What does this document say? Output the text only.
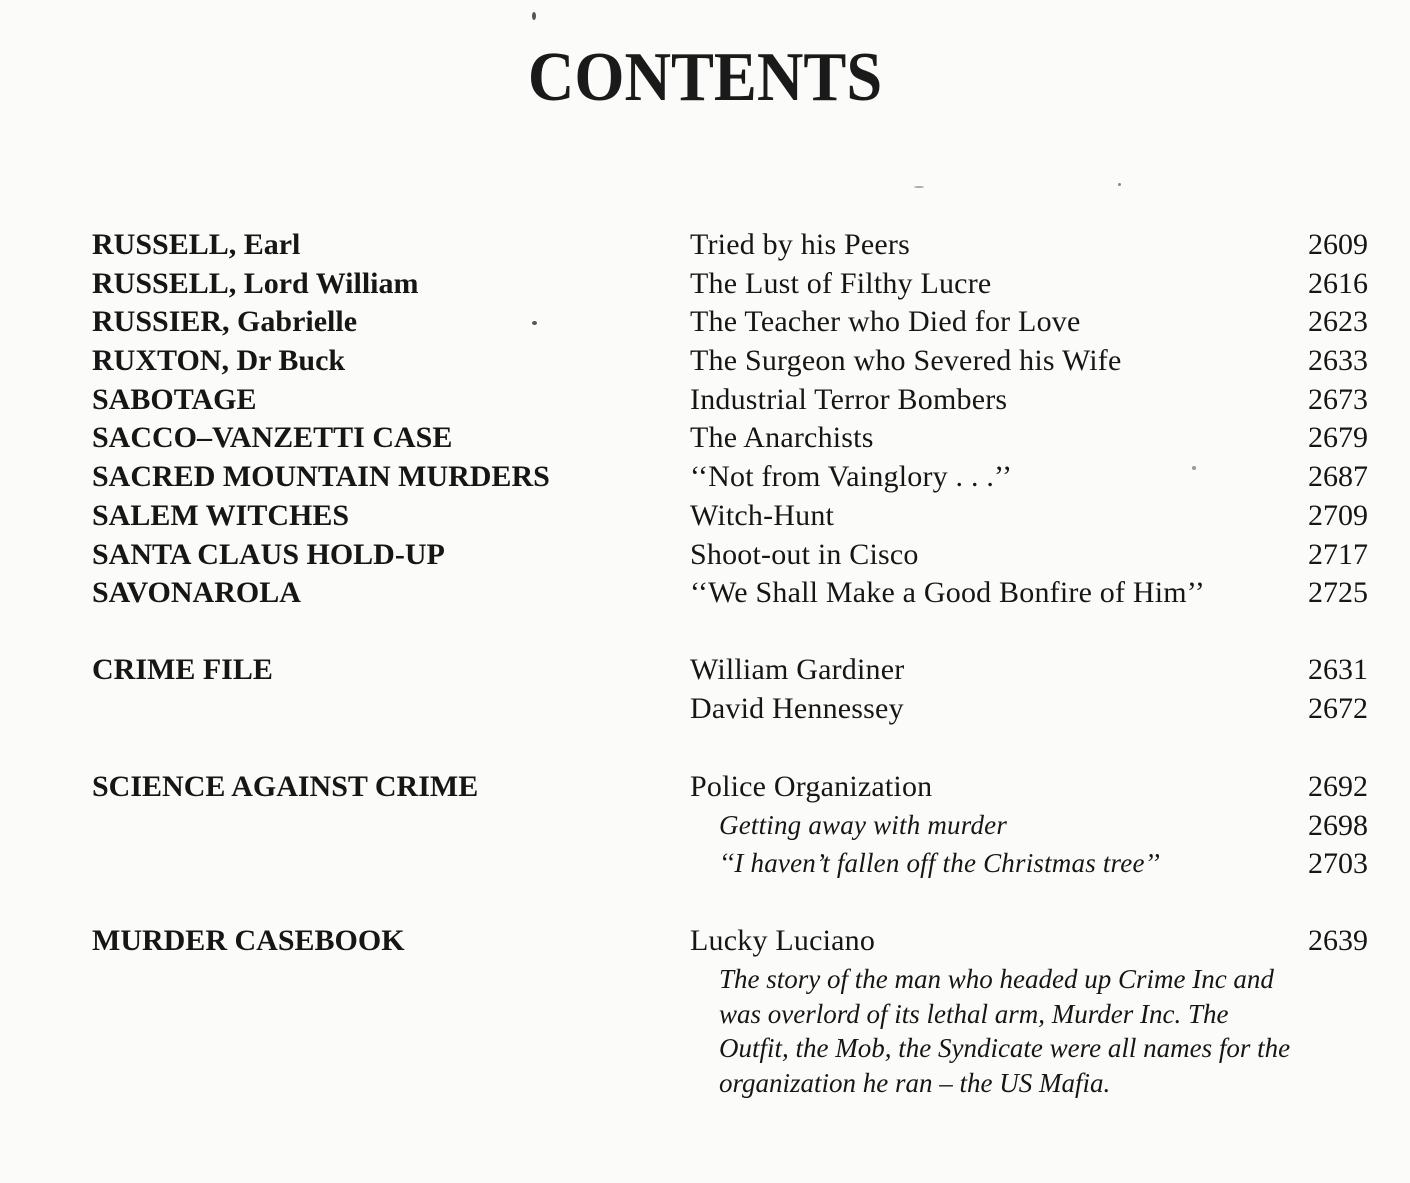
CONTENTS
RUSSELL, Earl	Tried by his Peers	2609
RUSSELL, Lord William	The Lust of Filthy Lucre	2616
RUSSIER, Gabrielle	The Teacher who Died for Love	2623
RUXTON, Dr Buck	The Surgeon who Severed his Wife	2633
SABOTAGE	Industrial Terror Bombers	2673
SACCO–VANZETTI CASE	The Anarchists	2679
SACRED MOUNTAIN MURDERS	‘‘Not from Vainglory . . .’’	2687
SALEM WITCHES	Witch-Hunt	2709
SANTA CLAUS HOLD-UP	Shoot-out in Cisco	2717
SAVONAROLA	‘‘We Shall Make a Good Bonfire of Him’’	2725
CRIME FILE	William Gardiner	2631
David Hennessey	2672
SCIENCE AGAINST CRIME	Police Organization	2692
Getting away with murder	2698
‘‘I haven’t fallen off the Christmas tree’’	2703
MURDER CASEBOOK	Lucky Luciano	2639
The story of the man who headed up Crime Inc and was overlord of its lethal arm, Murder Inc. The Outfit, the Mob, the Syndicate were all names for the organization he ran – the US Mafia.
